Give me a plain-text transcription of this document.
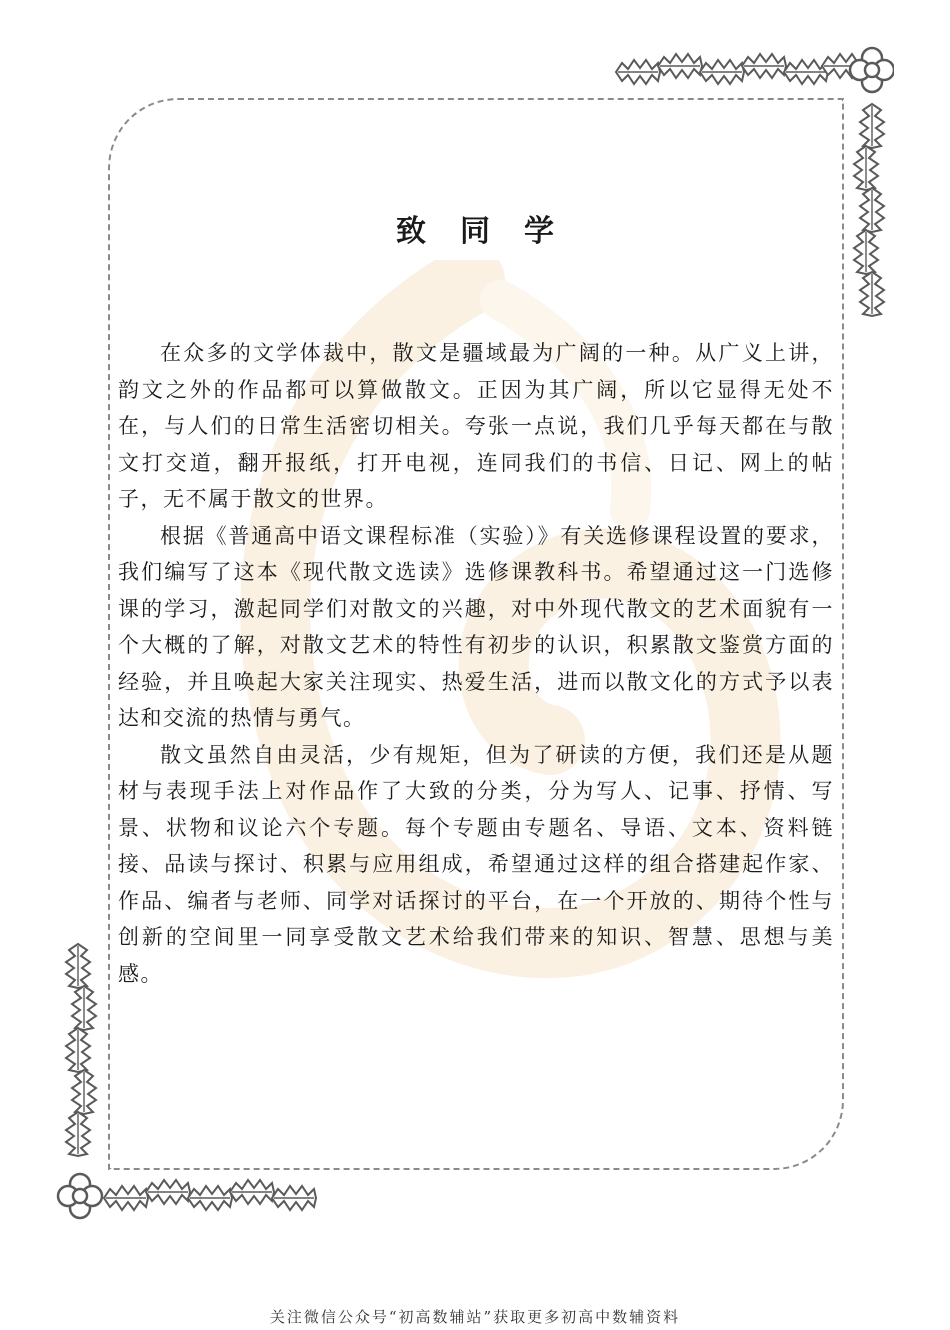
致同学

在众多的文学体裁中，散文是疆域最为广阔的一种。从广义上讲，韵文之外的作品都可以算做散文。正因为其广阔，所以它显得无处不在，与人们的日常生活密切相关。夸张一点说，我们几乎每天都在与散文打交道，翻开报纸，打开电视，连同我们的书信、日记、网上的帖子，无不属于散文的世界。

根据《普通高中语文课程标准（实验）》有关选修课程设置的要求，我们编写了这本《现代散文选读》选修课教科书。希望通过这一门选修课的学习，激起同学们对散文的兴趣，对中外现代散文的艺术面貌有一个大概的了解，对散文艺术的特性有初步的认识，积累散文鉴赏方面的经验，并且唤起大家关注现实、热爱生活，进而以散文化的方式予以表达和交流的热情与勇气。

散文虽然自由灵活，少有规矩，但为了研读的方便，我们还是从题材与表现手法上对作品作了大致的分类，分为写人、记事、抒情、写景、状物和议论六个专题。每个专题由专题名、导语、文本、资料链接、品读与探讨、积累与应用组成，希望通过这样的组合搭建起作家、作品、编者与老师、同学对话探讨的平台，在一个开放的、期待个性与创新的空间里一同享受散文艺术给我们带来的知识、智慧、思想与美感。

关注微信公众号“初高数辅站”获取更多初高中数辅资料
